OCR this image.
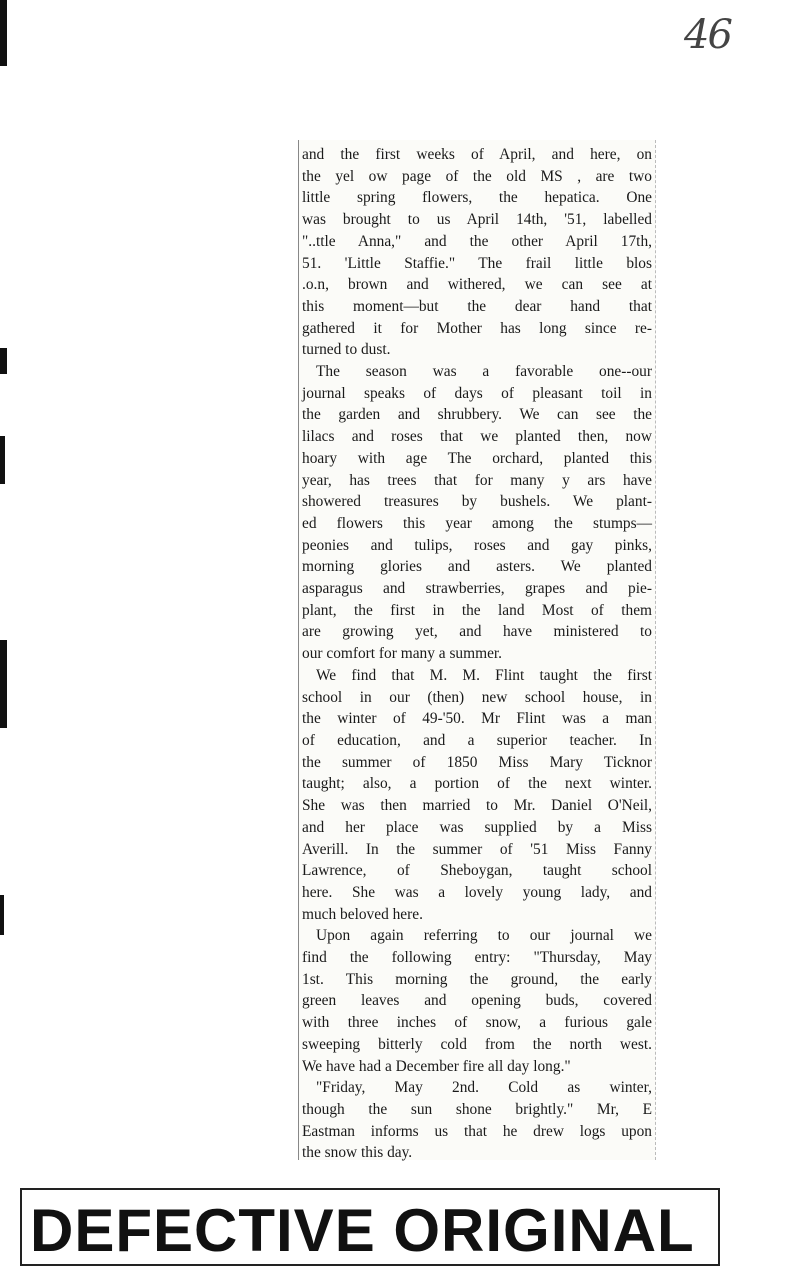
46

and the first weeks of April, and here, on
the yel ow page of the old MS , are two
little spring flowers, the hepatica. One
was brought to us April 14th, '51, labelled
"..ttle Anna," and the other April 17th,
51. 'Little Staffie." The frail little blos
.o.n, brown and withered, we can see at
this moment—but the dear hand that
gathered it for Mother has long since re-
turned to dust.

The season was a favorable one--our
journal speaks of days of pleasant toil in
the garden and shrubbery. We can see the
lilacs and roses that we planted then, now
hoary with age The orchard, planted this
year, has trees that for many y ars have
showered treasures by bushels. We plant-
ed flowers this year among the stumps—
peonies and tulips, roses and gay pinks,
morning glories and asters. We planted
asparagus and strawberries, grapes and pie-
plant, the first in the land Most of them
are growing yet, and have ministered to
our comfort for many a summer.

We find that M. M. Flint taught the first
school in our (then) new school house, in
the winter of 49-'50. Mr Flint was a man
of education, and a superior teacher. In
the summer of 1850 Miss Mary Ticknor
taught; also, a portion of the next winter.
She was then married to Mr. Daniel O'Neil,
and her place was supplied by a Miss
Averill. In the summer of '51 Miss Fanny
Lawrence, of Sheboygan, taught school
here. She was a lovely young lady, and
much beloved here.

Upon again referring to our journal we
find the following entry: "Thursday, May
1st. This morning the ground, the early
green leaves and opening buds, covered
with three inches of snow, a furious gale
sweeping bitterly cold from the north west.
We have had a December fire all day long."

"Friday, May 2nd. Cold as winter,
though the sun shone brightly." Mr, E
Eastman informs us that he drew logs upon
the snow this day.

DEFECTIVE ORIGINAL
